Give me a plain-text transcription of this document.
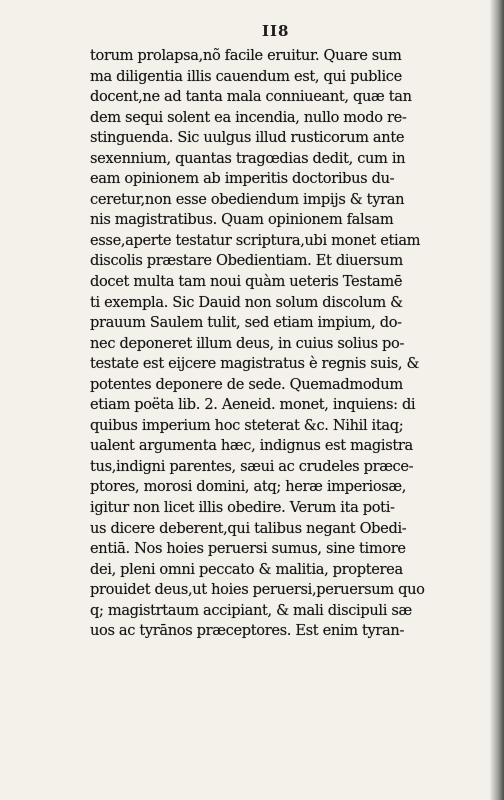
II8
torum prolapsa,nõ facile eruitur. Quare sum
ma diligentia illis cauendum est, qui publice
docent,ne ad tanta mala conniueant, quæ tan
dem sequi solent ea incendia, nullo modo re-
stinguenda. Sic uulgus illud rusticorum ante
sexennium, quantas tragœdias dedit, cum in
eam opinionem ab imperitis doctoribus du-
ceretur,non esse obediendum impijs & tyran
nis magistratibus. Quam opinionem falsam
esse,aperte testatur scriptura,ubi monet etiam
discolis præstare Obedientiam. Et diuersum
docet multa tam noui quàm ueteris Testamē
ti exempla. Sic Dauid non solum discolum &
prauum Saulem tulit, sed etiam impium, do-
nec deponeret illum deus, in cuius solius po-
testate est eijcere magistratus è regnis suis, &
potentes deponere de sede. Quemadmodum
etiam poëta lib. 2. Aeneid. monet, inquiens: di
quibus imperium hoc steterat &c. Nihil itaq;
ualent argumenta hæc, indignus est magistra
tus,indigni parentes, sæui ac crudeles præce-
ptores, morosi domini, atq; heræ imperiosæ,
igitur non licet illis obedire. Verum ita poti-
us dicere deberent,qui talibus negant Obedi-
entiā. Nos hoies peruersi sumus, sine timore
dei, pleni omni peccato & malitia, propterea
prouidet deus,ut hoies peruersi,peruersum quo
q; magistrtaum accipiant, & mali discipuli sæ
uos ac tyrānos præceptores. Est enim tyran-
